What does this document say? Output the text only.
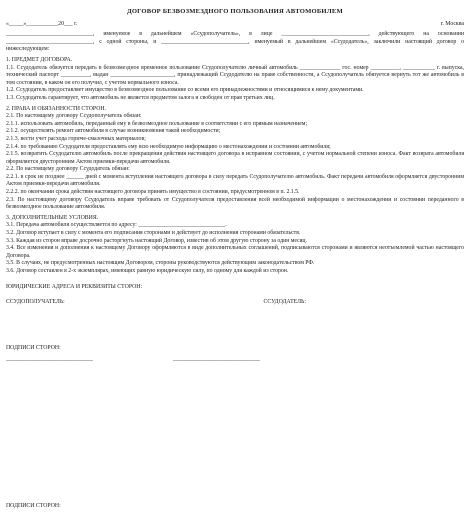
ДОГОВОР БЕЗВОЗМЕЗДНОГО ПОЛЬЗОВАНИЯ АВТОМОБИЛЕМ
«_____»___________20___ г.	г. Москва

______________________________, именуемое в дальнейшем «Ссудополучатель», в лице ______________________________, действующего на основании ______________________________, с одной стороны, и ______________________________, именуемый в дальнейшем «Ссудодатель», заключили настоящий договор о нижеследующем:

1. ПРЕДМЕТ ДОГОВОРА.

1.1. Ссудодатель обязуется передать в безвозмездное временное пользование Ссудополучателю личный автомобиль ______________ гос. номер __________, ___________ г. выпуска, технический паспорт __________, выдан ______________________, принадлежащий Ссудодателю на праве собственности, а Ссудополучатель обязуется вернуть тот же автомобиль в том состоянии, в каком он его получил, с учетом нормального износа.

1.2. Ссудодатель предоставляет имущество в безвозмездное пользование со всеми его принадлежностями и относящимися к нему документами.

1.3. Ссудодатель гарантирует, что автомобиль не является предметом залога и свободен от прав третьих лиц.

2. ПРАВА И ОБЯЗАННОСТИ СТОРОН.

2.1. По настоящему договору Ссудополучатель обязан:

2.1.1. использовать автомобиль, переданный ему в безвозмездное пользование в соответствии с его прямым назначением;

2.1.2. осуществлять ремонт автомобиля в случае возникновения такой необходимости;

2.1.3. вести учет расхода горюче-смазочных материалов;

2.1.4. по требованию Ссудодателя предоставлять ему всю необходимую информацию о местонахождении и состоянии автомобиля;

2.1.5. возвратить Ссудодателю автомобиль после прекращения действия настоящего договора в исправном состоянии, с учетом нормальной степени износа. Факт возврата автомобиля оформляется двусторонним Актом приемки-передачи автомобиля.

2.2. По настоящему договору Ссудодатель обязан:

2.2.1. в срок не позднее ______ дней с момента вступления настоящего договора в силу передать Ссудополучателю автомобиль. Факт передачи автомобиля оформляется двусторонним Актом приемки-передачи автомобиля.

2.2.2. по окончании срока действия настоящего договора принять имущество в состоянии, предусмотренном в п. 2.1.5.

2.3. По настоящему договору Ссудодатель вправе требовать от Ссудополучателя предоставления всей необходимой информации о местонахождении и состоянии переданного в безвозмездное пользование автомобиля.

3. ДОПОЛНИТЕЛЬНЫЕ УСЛОВИЯ.

3.1. Передача автомобиля осуществляется по адресу: ______________________________.

3.2. Договор вступает в силу с момента его подписания сторонами и действует до исполнения сторонами обязательств.

3.3. Каждая из сторон вправе досрочно расторгнуть настоящий Договор, известив об этом другую сторону за один месяц.

3.4. Все изменения и дополнения к настоящему Договору оформляются в виде дополнительных соглашений, подписываются сторонами и являются неотъемлемой частью настоящего Договора.

3.5. В случаях, не предусмотренных настоящим Договором, стороны руководствуются действующим законодательством РФ.

3.6. Договор составлен в 2-х экземплярах, имеющих равную юридическую силу, по одному для каждой из сторон.

ЮРИДИЧЕСКИЕ АДРЕСА И РЕКВИЗИТЫ СТОРОН:

ССУДОПОЛУЧАТЕЛЬ:	ССУДОДАТЕЛЬ:

ПОДПИСИ СТОРОН:

______________________________	______________________________
ПОДПИСИ СТОРОН:
